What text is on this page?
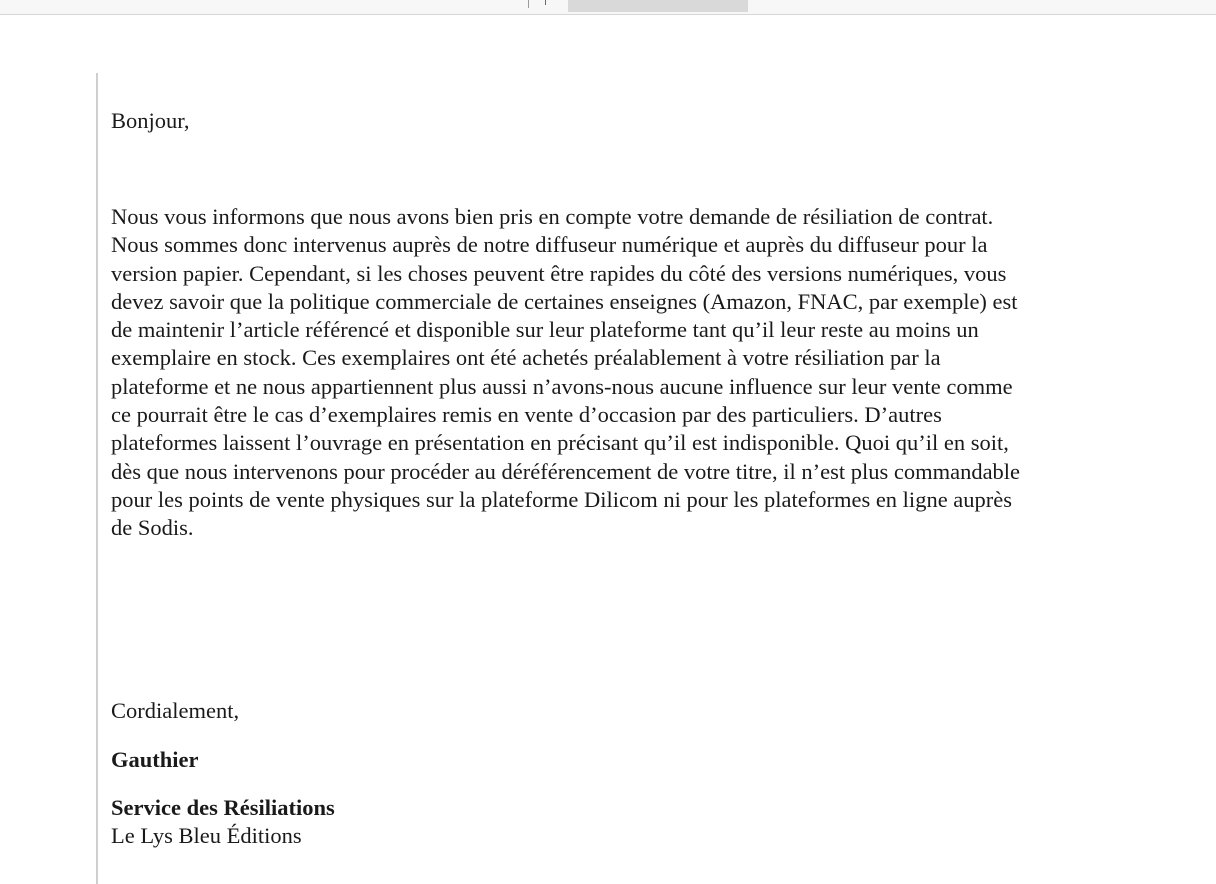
Bonjour,

Nous vous informons que nous avons bien pris en compte votre demande de résiliation de contrat.
Nous sommes donc intervenus auprès de notre diffuseur numérique et auprès du diffuseur pour la
version papier. Cependant, si les choses peuvent être rapides du côté des versions numériques, vous
devez savoir que la politique commerciale de certaines enseignes (Amazon, FNAC, par exemple) est
de maintenir l’article référencé et disponible sur leur plateforme tant qu’il leur reste au moins un
exemplaire en stock. Ces exemplaires ont été achetés préalablement à votre résiliation par la
plateforme et ne nous appartiennent plus aussi n’avons-nous aucune influence sur leur vente comme
ce pourrait être le cas d’exemplaires remis en vente d’occasion par des particuliers. D’autres
plateformes laissent l’ouvrage en présentation en précisant qu’il est indisponible. Quoi qu’il en soit,
dès que nous intervenons pour procéder au déréférencement de votre titre, il n’est plus commandable
pour les points de vente physiques sur la plateforme Dilicom ni pour les plateformes en ligne auprès
de Sodis.

Cordialement,

Gauthier

Service des Résiliations
Le Lys Bleu Éditions
